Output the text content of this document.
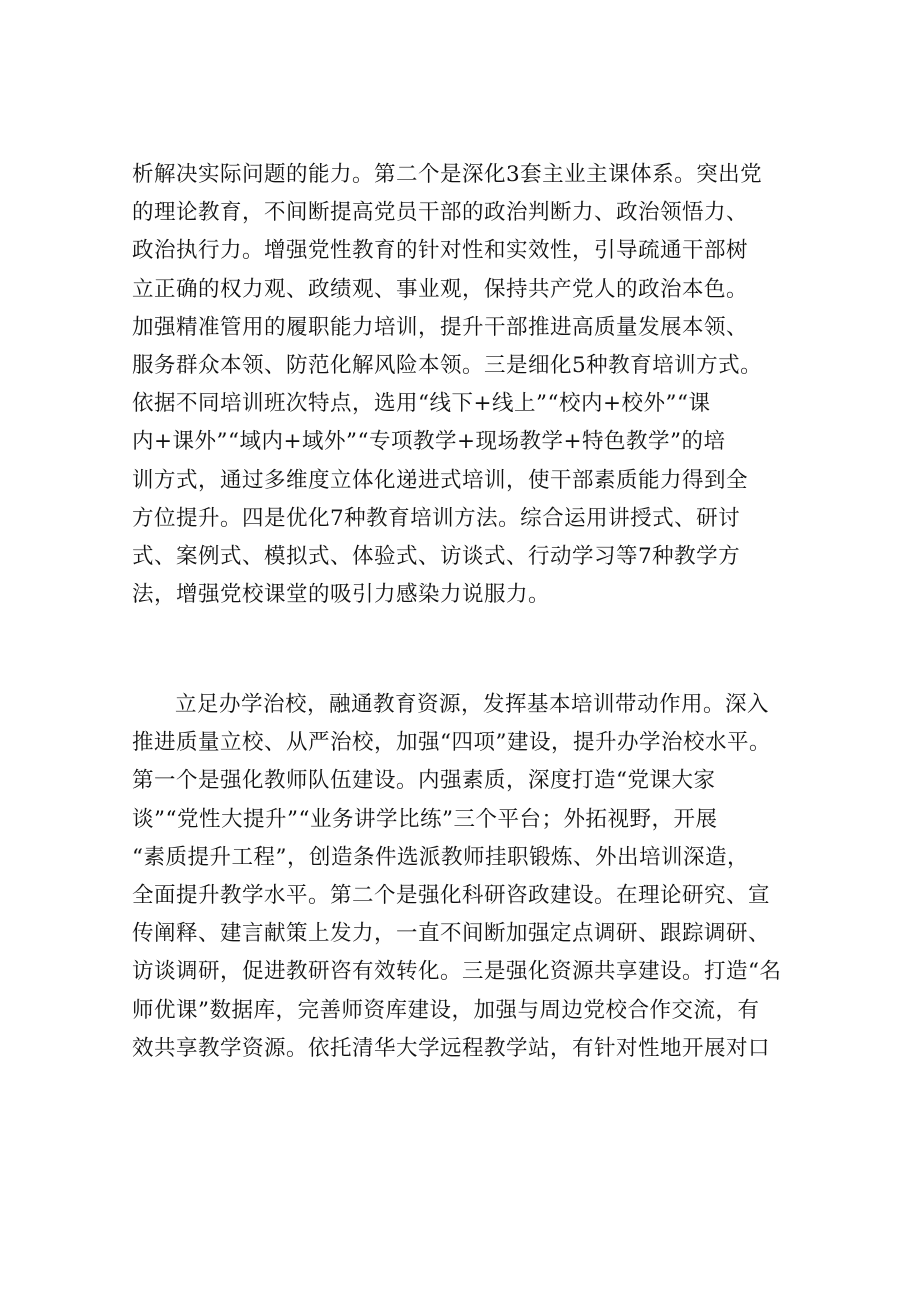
析解决实际问题的能力。第二个是深化3套主业主课体系。突出党
的理论教育，不间断提高党员干部的政治判断力、政治领悟力、
政治执行力。增强党性教育的针对性和实效性，引导疏通干部树
立正确的权力观、政绩观、事业观，保持共产党人的政治本色。
加强精准管用的履职能力培训，提升干部推进高质量发展本领、
服务群众本领、防范化解风险本领。三是细化5种教育培训方式。
依据不同培训班次特点，选用“线下+线上”“校内+校外”“课
内+课外”“域内+域外”“专项教学+现场教学+特色教学”的培
训方式，通过多维度立体化递进式培训，使干部素质能力得到全
方位提升。四是优化7种教育培训方法。综合运用讲授式、研讨
式、案例式、模拟式、体验式、访谈式、行动学习等7种教学方
法，增强党校课堂的吸引力感染力说服力。
立足办学治校，融通教育资源，发挥基本培训带动作用。深入
推进质量立校、从严治校，加强“四项”建设，提升办学治校水平。
第一个是强化教师队伍建设。内强素质，深度打造“党课大家
谈”“党性大提升”“业务讲学比练”三个平台；外拓视野，开展
“素质提升工程”，创造条件选派教师挂职锻炼、外出培训深造，
全面提升教学水平。第二个是强化科研咨政建设。在理论研究、宣
传阐释、建言献策上发力，一直不间断加强定点调研、跟踪调研、
访谈调研，促进教研咨有效转化。三是强化资源共享建设。打造“名
师优课”数据库，完善师资库建设，加强与周边党校合作交流，有
效共享教学资源。依托清华大学远程教学站，有针对性地开展对口
